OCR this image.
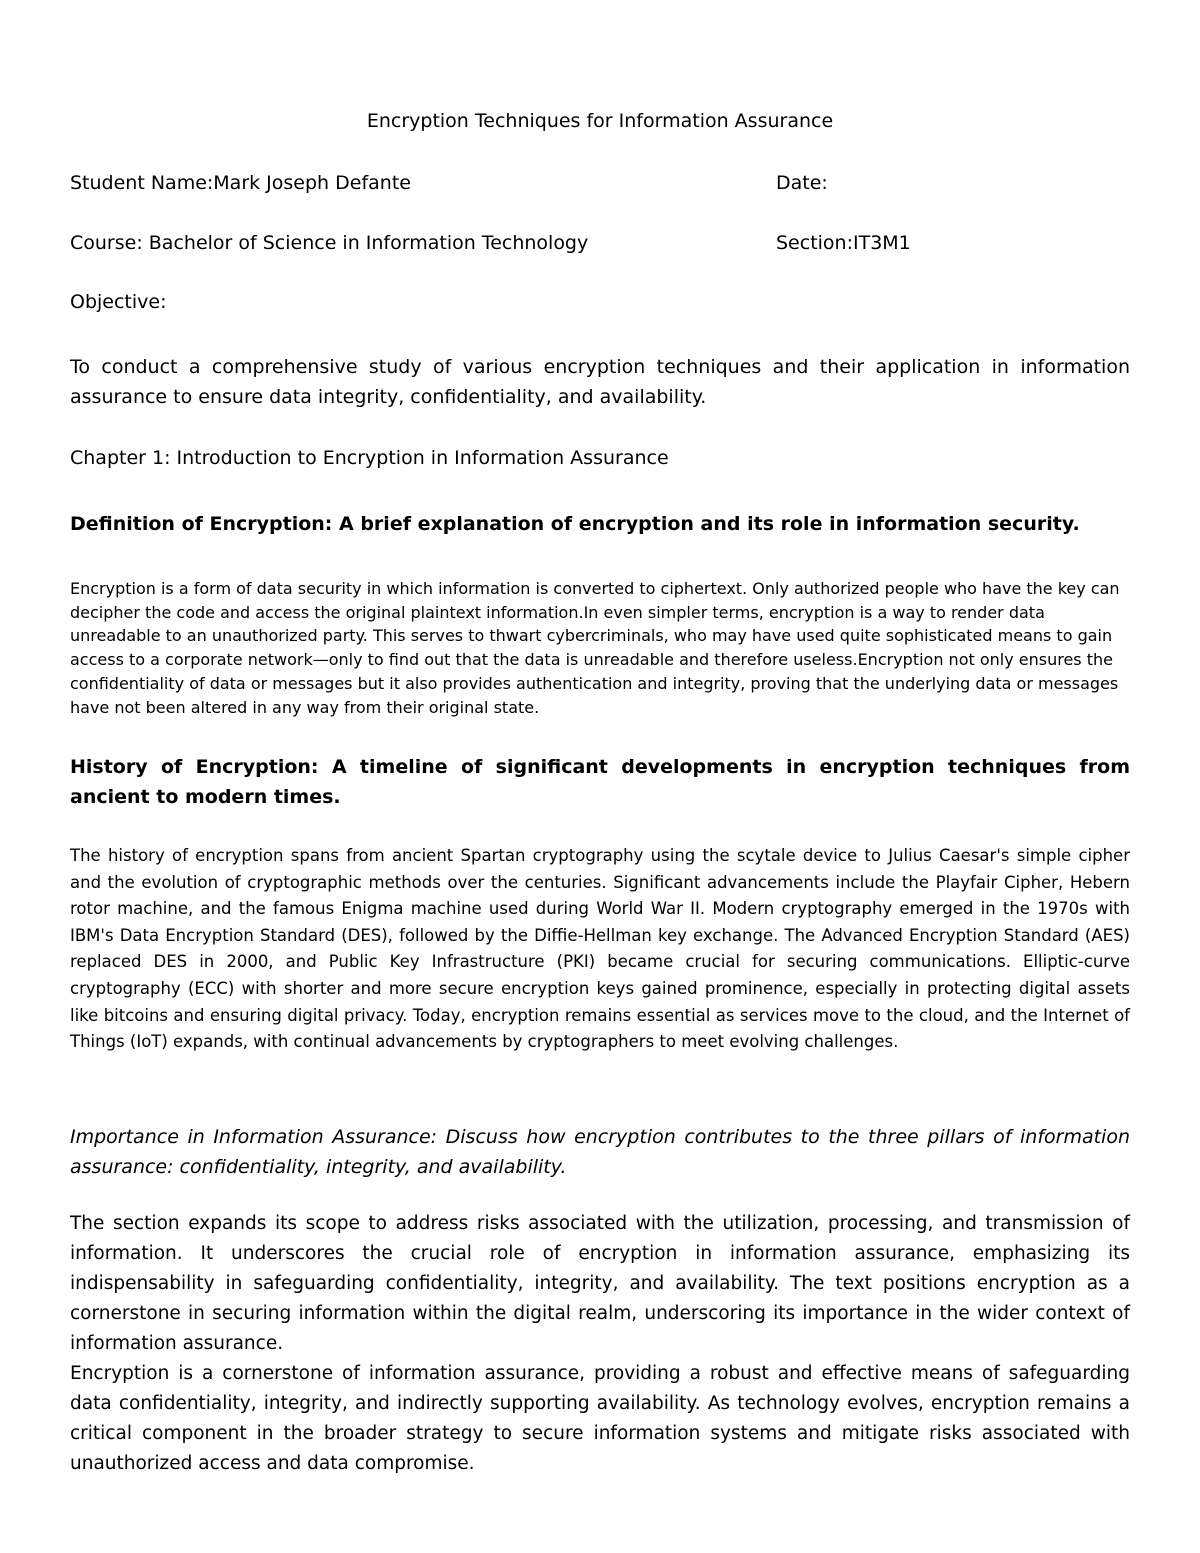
Encryption Techniques for Information Assurance
Student Name:Mark Joseph Defante	Date:
Course: Bachelor of Science in Information Technology	Section:IT3M1
Objective:
To conduct a comprehensive study of various encryption techniques and their application in information assurance to ensure data integrity, confidentiality, and availability.
Chapter 1: Introduction to Encryption in Information Assurance
Definition of Encryption: A brief explanation of encryption and its role in information security.
Encryption is a form of data security in which information is converted to ciphertext. Only authorized people who have the key can decipher the code and access the original plaintext information.In even simpler terms, encryption is a way to render data unreadable to an unauthorized party. This serves to thwart cybercriminals, who may have used quite sophisticated means to gain access to a corporate network—only to find out that the data is unreadable and therefore useless.Encryption not only ensures the confidentiality of data or messages but it also provides authentication and integrity, proving that the underlying data or messages have not been altered in any way from their original state.
History of Encryption: A timeline of significant developments in encryption techniques from ancient to modern times.
The history of encryption spans from ancient Spartan cryptography using the scytale device to Julius Caesar's simple cipher and the evolution of cryptographic methods over the centuries. Significant advancements include the Playfair Cipher, Hebern rotor machine, and the famous Enigma machine used during World War II. Modern cryptography emerged in the 1970s with IBM's Data Encryption Standard (DES), followed by the Diffie-Hellman key exchange. The Advanced Encryption Standard (AES) replaced DES in 2000, and Public Key Infrastructure (PKI) became crucial for securing communications. Elliptic-curve cryptography (ECC) with shorter and more secure encryption keys gained prominence, especially in protecting digital assets like bitcoins and ensuring digital privacy. Today, encryption remains essential as services move to the cloud, and the Internet of Things (IoT) expands, with continual advancements by cryptographers to meet evolving challenges.
Importance in Information Assurance: Discuss how encryption contributes to the three pillars of information assurance: confidentiality, integrity, and availability.
The section expands its scope to address risks associated with the utilization, processing, and transmission of information. It underscores the crucial role of encryption in information assurance, emphasizing its indispensability in safeguarding confidentiality, integrity, and availability. The text positions encryption as a cornerstone in securing information within the digital realm, underscoring its importance in the wider context of information assurance.
Encryption is a cornerstone of information assurance, providing a robust and effective means of safeguarding data confidentiality, integrity, and indirectly supporting availability. As technology evolves, encryption remains a critical component in the broader strategy to secure information systems and mitigate risks associated with unauthorized access and data compromise.
